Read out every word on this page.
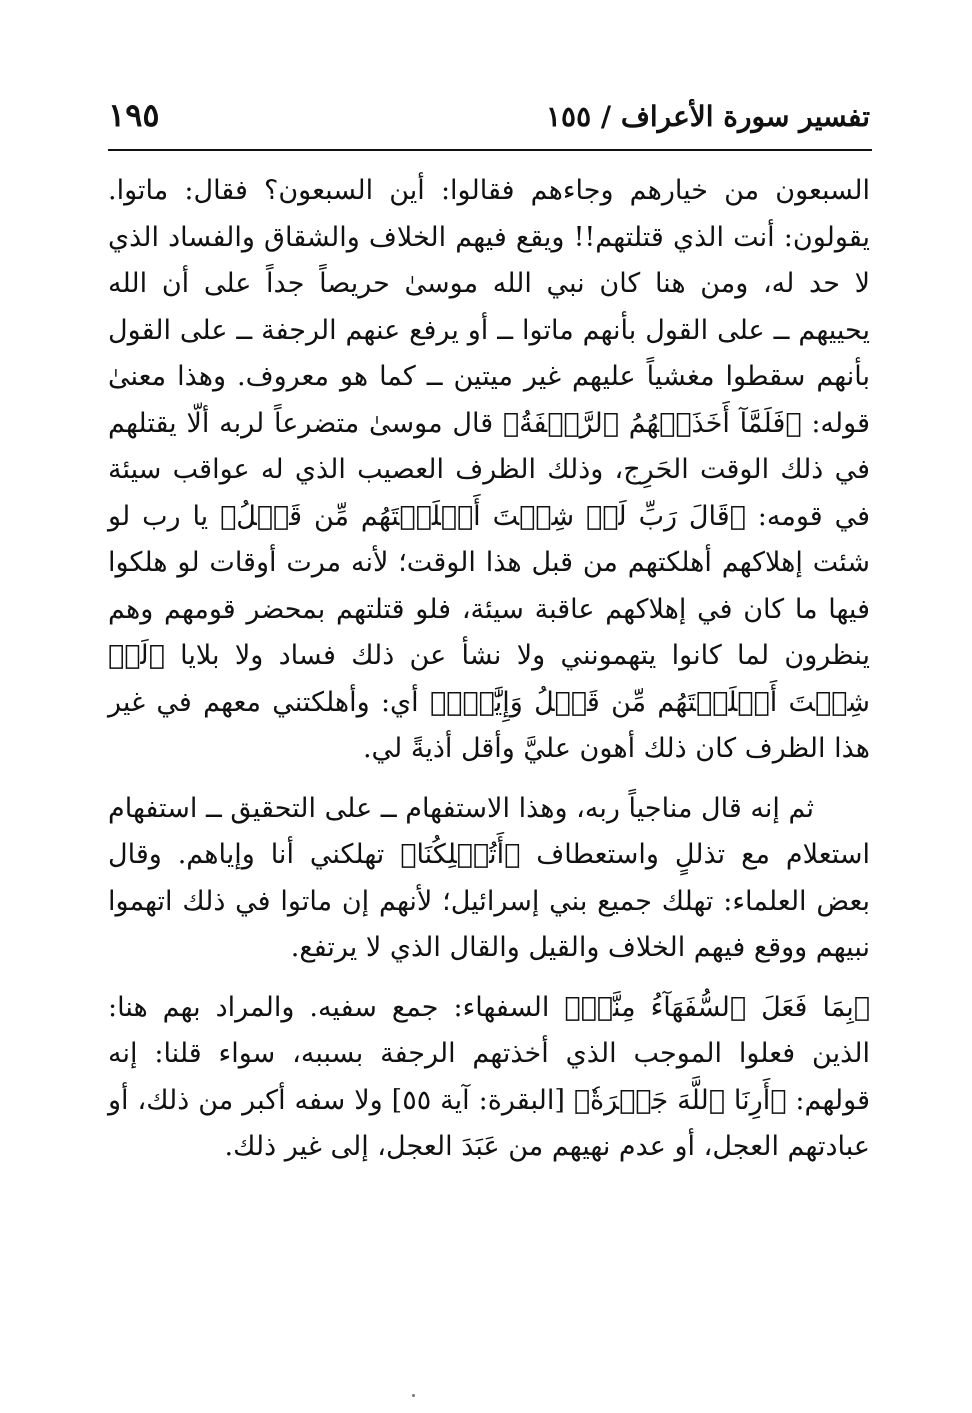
تفسير سورة الأعراف / ١٥٥
١٩٥

السبعون من خيارهم وجاءهم فقالوا: أين السبعون؟ فقال: ماتوا. يقولون: أنت الذي قتلتهم!! ويقع فيهم الخلاف والشقاق والفساد الذي لا حد له، ومن هنا كان نبي الله موسىٰ حريصاً جداً على أن الله يحييهم ــ على القول بأنهم ماتوا ــ أو يرفع عنهم الرجفة ــ على القول بأنهم سقطوا مغشياً عليهم غير ميتين ــ كما هو معروف. وهذا معنىٰ قوله: ﴿فَلَمَّآ أَخَذَتۡهُمُ ٱلرَّجۡفَةُ﴾ قال موسىٰ متضرعاً لربه ألّا يقتلهم في ذلك الوقت الحَرِج، وذلك الظرف العصيب الذي له عواقب سيئة في قومه: ﴿قَالَ رَبِّ لَوۡ شِئۡتَ أَهۡلَكۡتَهُم مِّن قَبۡلُ﴾ يا رب لو شئت إهلاكهم أهلكتهم من قبل هذا الوقت؛ لأنه مرت أوقات لو هلكوا فيها ما كان في إهلاكهم عاقبة سيئة، فلو قتلتهم بمحضر قومهم وهم ينظرون لما كانوا يتهمونني ولا نشأ عن ذلك فساد ولا بلايا ﴿لَوۡ شِئۡتَ أَهۡلَكۡتَهُم مِّن قَبۡلُ وَإِيَّٰيَۖ﴾ أي: وأهلكتني معهم في غير هذا الظرف كان ذلك أهون عليَّ وأقل أذيةً لي.

ثم إنه قال مناجياً ربه، وهذا الاستفهام ــ على التحقيق ــ استفهام استعلام مع تذللٍ واستعطاف ﴿أَتُهۡلِكُنَا﴾ تهلكني أنا وإياهم. وقال بعض العلماء: تهلك جميع بني إسرائيل؛ لأنهم إن ماتوا في ذلك اتهموا نبيهم ووقع فيهم الخلاف والقيل والقال الذي لا يرتفع.

﴿بِمَا فَعَلَ ٱلسُّفَهَآءُ مِنَّآۖ﴾ السفهاء: جمع سفيه. والمراد بهم هنا: الذين فعلوا الموجب الذي أخذتهم الرجفة بسببه، سواء قلنا: إنه قولهم: ﴿أَرِنَا ٱللَّهَ جَهۡرَةٗ﴾ [البقرة: آية ٥٥] ولا سفه أكبر من ذلك، أو عبادتهم العجل، أو عدم نهيهم من عَبَدَ العجل، إلى غير ذلك.
